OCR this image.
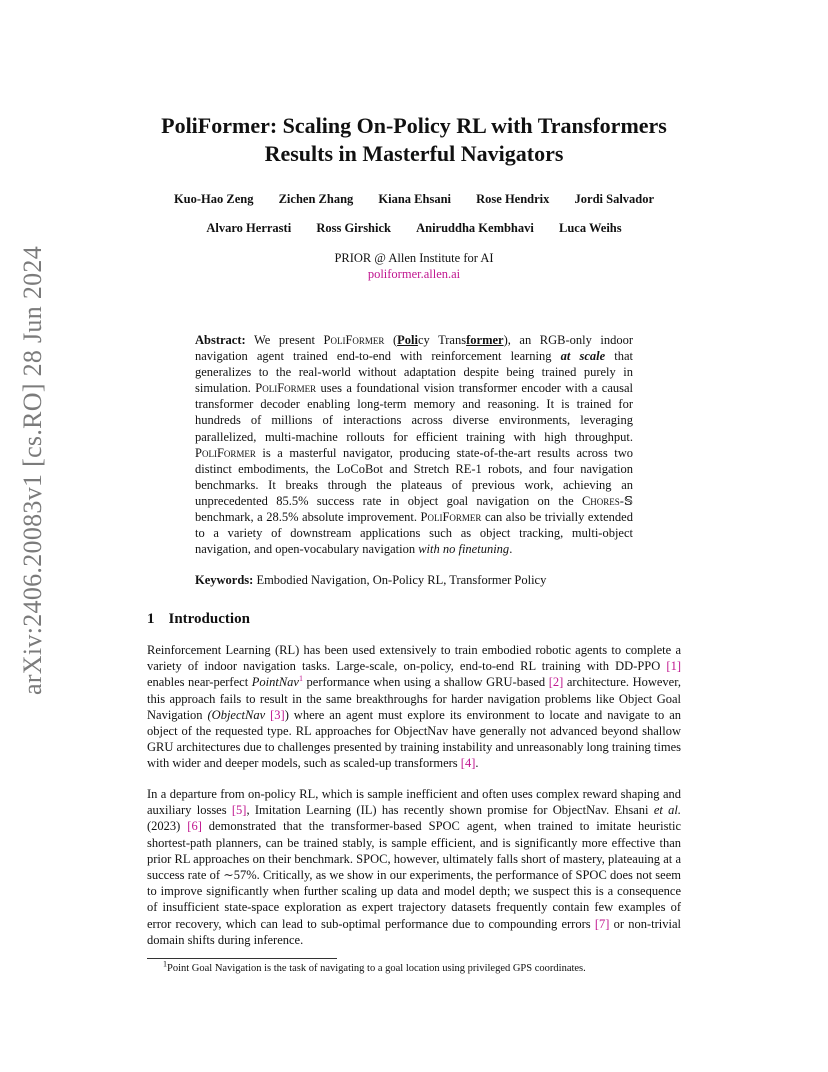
arXiv:2406.20083v1 [cs.RO] 28 Jun 2024
PoliFormer: Scaling On-Policy RL with Transformers
Results in Masterful Navigators
Kuo-Hao Zeng Zichen Zhang Kiana Ehsani Rose Hendrix Jordi Salvador
Alvaro Herrasti Ross Girshick Aniruddha Kembhavi Luca Weihs
PRIOR @ Allen Institute for AI
poliformer.allen.ai
Abstract: We present PoliFormer (Policy Transformer), an RGB-only indoor navigation agent trained end-to-end with reinforcement learning at scale that generalizes to the real-world without adaptation despite being trained purely in simulation. PoliFormer uses a foundational vision transformer encoder with a causal transformer decoder enabling long-term memory and reasoning. It is trained for hundreds of millions of interactions across diverse environments, leveraging parallelized, multi-machine rollouts for efficient training with high throughput. PoliFormer is a masterful navigator, producing state-of-the-art results across two distinct embodiments, the LoCoBot and Stretch RE-1 robots, and four navigation benchmarks. It breaks through the plateaus of previous work, achieving an unprecedented 85.5% success rate in object goal navigation on the Chores-𝕊 benchmark, a 28.5% absolute improvement. PoliFormer can also be trivially extended to a variety of downstream applications such as object tracking, multi-object navigation, and open-vocabulary navigation with no finetuning.
Keywords: Embodied Navigation, On-Policy RL, Transformer Policy
1 Introduction
Reinforcement Learning (RL) has been used extensively to train embodied robotic agents to complete a variety of indoor navigation tasks. Large-scale, on-policy, end-to-end RL training with DD-PPO [1] enables near-perfect PointNav$^1$ performance when using a shallow GRU-based [2] architecture. However, this approach fails to result in the same breakthroughs for harder navigation problems like Object Goal Navigation (ObjectNav [3]) where an agent must explore its environment to locate and navigate to an object of the requested type. RL approaches for ObjectNav have generally not advanced beyond shallow GRU architectures due to challenges presented by training instability and unreasonably long training times with wider and deeper models, such as scaled-up transformers [4].
In a departure from on-policy RL, which is sample inefficient and often uses complex reward shaping and auxiliary losses [5], Imitation Learning (IL) has recently shown promise for ObjectNav. Ehsani et al. (2023) [6] demonstrated that the transformer-based SPOC agent, when trained to imitate heuristic shortest-path planners, can be trained stably, is sample efficient, and is significantly more effective than prior RL approaches on their benchmark. SPOC, however, ultimately falls short of mastery, plateauing at a success rate of ∼57%. Critically, as we show in our experiments, the performance of SPOC does not seem to improve significantly when further scaling up data and model depth; we suspect this is a consequence of insufficient state-space exploration as expert trajectory datasets frequently contain few examples of error recovery, which can lead to sub-optimal performance due to compounding errors [7] or non-trivial domain shifts during inference.
$^1$Point Goal Navigation is the task of navigating to a goal location using privileged GPS coordinates.
